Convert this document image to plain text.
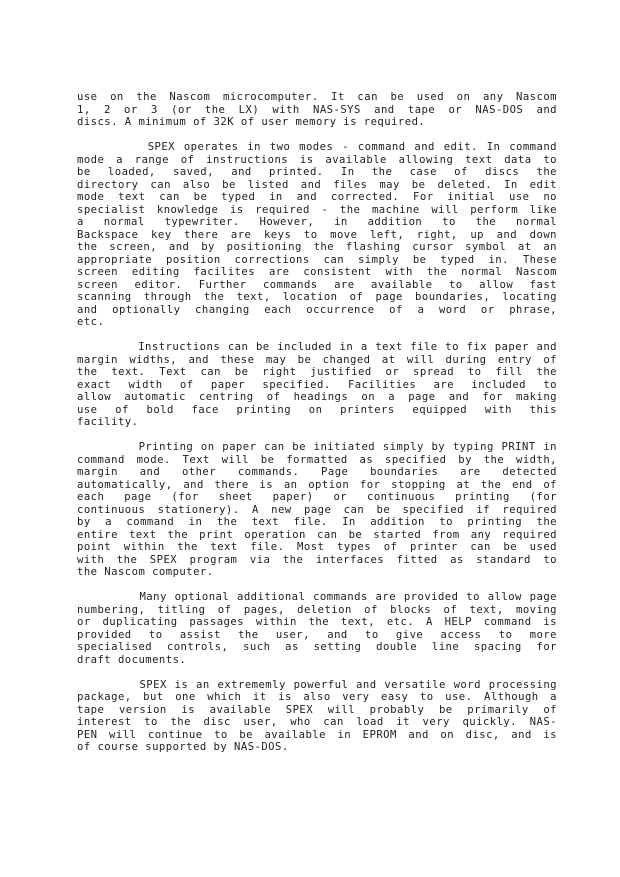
use on the Nascom microcomputer. It can be used on any Nascom
1, 2 or 3 (or the LX) with NAS-SYS and tape or NAS-DOS and
discs. A minimum of 32K of user memory is required.
SPEX operates in two modes - command and edit. In command
mode a range of instructions is available allowing text data to
be loaded, saved, and printed. In the case of discs the
directory can also be listed and files may be deleted. In edit
mode text can be typed in and corrected. For initial use no
specialist knowledge is required - the machine will perform like
a normal typewriter. However, in addition to the normal
Backspace key there are keys to move left, right, up and down
the screen, and by positioning the flashing cursor symbol at an
appropriate position corrections can simply be typed in. These
screen editing facilites are consistent with the normal Nascom
screen editor. Further commands are available to allow fast
scanning through the text, location of page boundaries, locating
and optionally changing each occurrence of a word or phrase,
etc.
Instructions can be included in a text file to fix paper and
margin widths, and these may be changed at will during entry of
the text. Text can be right justified or spread to fill the
exact width of paper specified. Facilities are included to
allow automatic centring of headings on a page and for making
use of bold face printing on printers equipped with this
facility.
Printing on paper can be initiated simply by typing PRINT in
command mode. Text will be formatted as specified by the width,
margin and other commands. Page boundaries are detected
automatically, and there is an option for stopping at the end of
each page (for sheet paper) or continuous printing (for
continuous stationery). A new page can be specified if required
by a command in the text file. In addition to printing the
entire text the print operation can be started from any required
point within the text file. Most types of printer can be used
with the SPEX program via the interfaces fitted as standard to
the Nascom computer.
Many optional additional commands are provided to allow page
numbering, titling of pages, deletion of blocks of text, moving
or duplicating passages within the text, etc. A HELP command is
provided to assist the user, and to give access to more
specialised controls, such as setting double line spacing for
draft documents.
SPEX is an extrememly powerful and versatile word processing
package, but one which it is also very easy to use. Although a
tape version is available SPEX will probably be primarily of
interest to the disc user, who can load it very quickly. NAS-
PEN will continue to be available in EPROM and on disc, and is
of course supported by NAS-DOS.
